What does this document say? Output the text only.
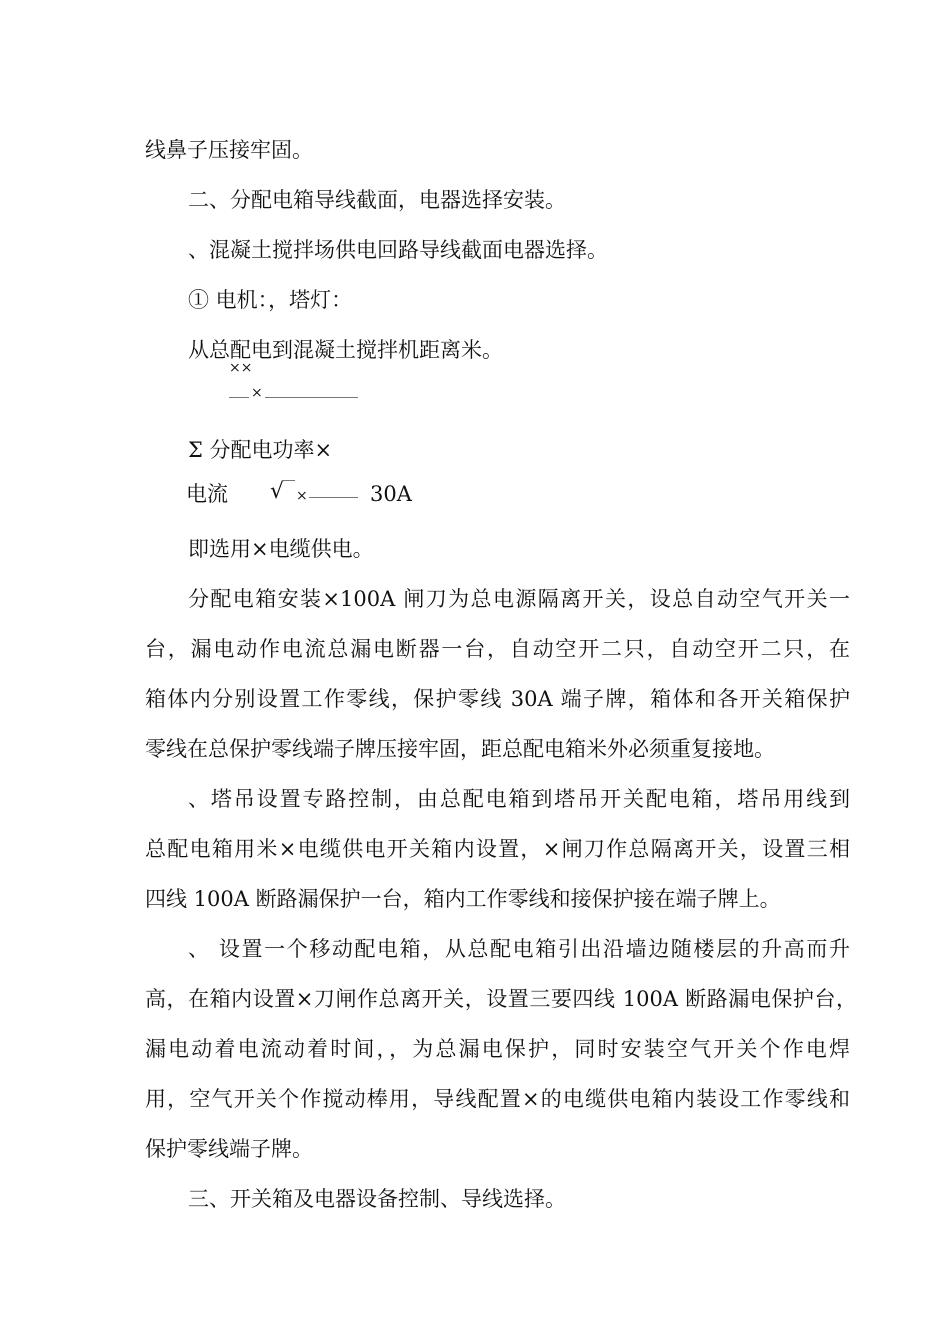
线鼻子压接牢固。
二、分配电箱导线截面，电器选择安装。
、混凝土搅拌场供电回路导线截面电器选择。
① 电机：，塔灯：
从总配电到混凝土搅拌机距离米。
××
×
Σ 分配电功率×
电流 √ ×	30A
即选用×电缆供电。
分配电箱安装×100A 闸刀为总电源隔离开关，设总自动空气开关一
台，漏电动作电流总漏电断器一台，自动空开二只，自动空开二只，在
箱体内分别设置工作零线，保护零线 30A 端子牌，箱体和各开关箱保护
零线在总保护零线端子牌压接牢固，距总配电箱米外必须重复接地。
、塔吊设置专路控制，由总配电箱到塔吊开关配电箱，塔吊用线到
总配电箱用米×电缆供电开关箱内设置，×闸刀作总隔离开关，设置三相
四线 100A 断路漏保护一台，箱内工作零线和接保护接在端子牌上。
、 设置一个移动配电箱，从总配电箱引出沿墙边随楼层的升高而升
高，在箱内设置×刀闸作总离开关，设置三要四线 100A 断路漏电保护台，
漏电动着电流动着时间，，为总漏电保护，同时安装空气开关个作电焊
用，空气开关个作搅动棒用，导线配置×的电缆供电箱内装设工作零线和
保护零线端子牌。
三、开关箱及电器设备控制、导线选择。
